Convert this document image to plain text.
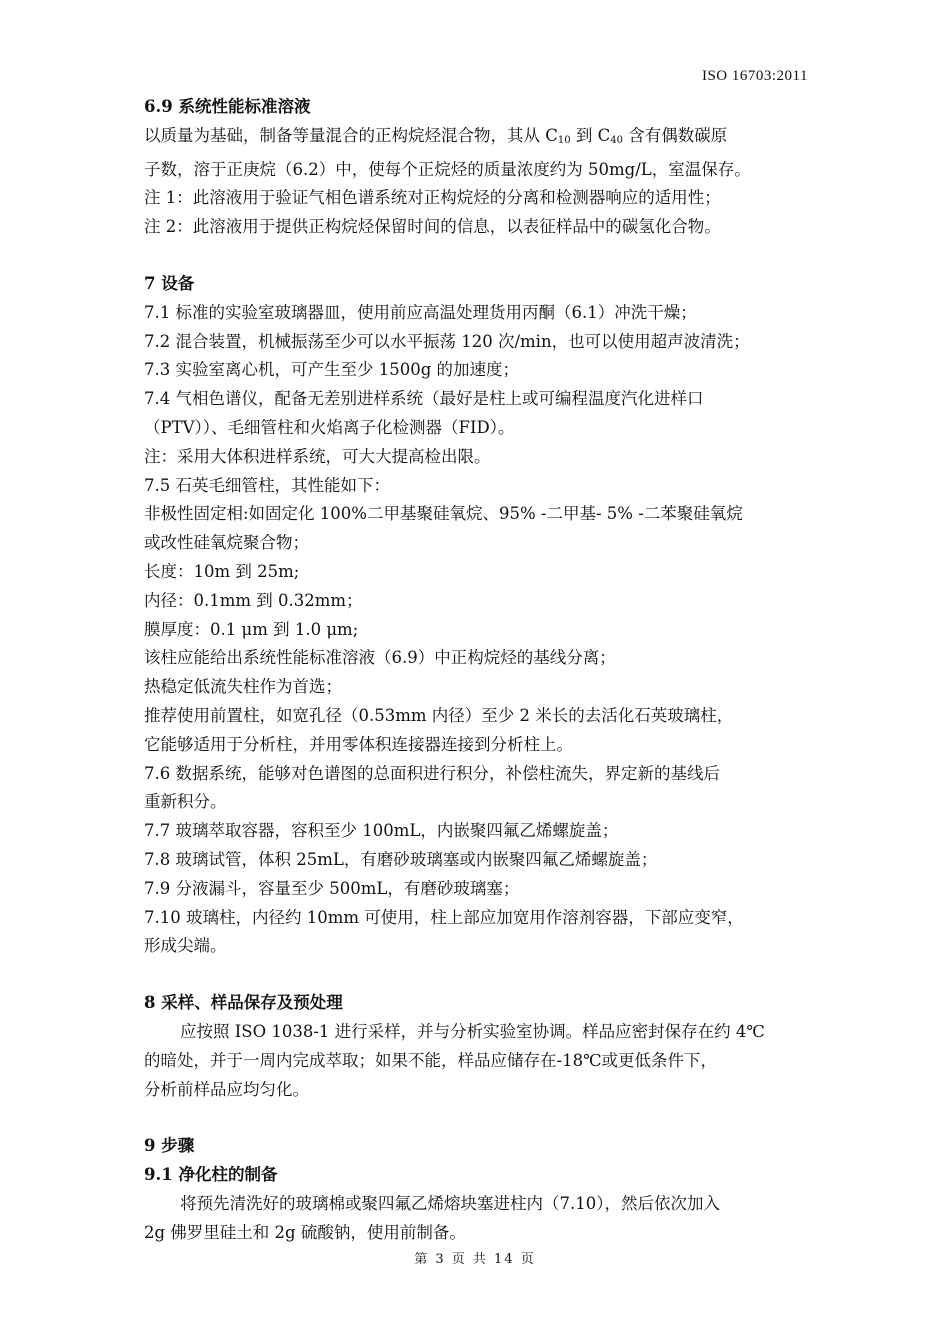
ISO 16703:2011
6.9 系统性能标准溶液
以质量为基础，制备等量混合的正构烷烃混合物，其从 $C_{10}$ 到 $C_{40}$ 含有偶数碳原
子数，溶于正庚烷（6.2）中，使每个正烷烃的质量浓度约为 50mg/L，室温保存。
注 1：此溶液用于验证气相色谱系统对正构烷烃的分离和检测器响应的适用性；
注 2：此溶液用于提供正构烷烃保留时间的信息，以表征样品中的碳氢化合物。
7 设备
7.1 标准的实验室玻璃器皿，使用前应高温处理货用丙酮（6.1）冲洗干燥；
7.2 混合装置，机械振荡至少可以水平振荡 120 次/min，也可以使用超声波清洗；
7.3 实验室离心机，可产生至少 1500g 的加速度；
7.4 气相色谱仪，配备无差别进样系统（最好是柱上或可编程温度汽化进样口
（PTV））、毛细管柱和火焰离子化检测器（FID）。
注：采用大体积进样系统，可大大提高检出限。
7.5 石英毛细管柱，其性能如下：
非极性固定相:如固定化 100%二甲基聚硅氧烷、95% -二甲基- 5% -二苯聚硅氧烷
或改性硅氧烷聚合物；
长度：10m 到 25m;
内径：0.1mm 到 0.32mm；
膜厚度：0.1 μm 到 1.0 μm;
该柱应能给出系统性能标准溶液（6.9）中正构烷烃的基线分离；
热稳定低流失柱作为首选；
推荐使用前置柱，如宽孔径（0.53mm 内径）至少 2 米长的去活化石英玻璃柱，
它能够适用于分析柱，并用零体积连接器连接到分析柱上。
7.6 数据系统，能够对色谱图的总面积进行积分，补偿柱流失，界定新的基线后
重新积分。
7.7 玻璃萃取容器，容积至少 100mL，内嵌聚四氟乙烯螺旋盖；
7.8 玻璃试管，体积 25mL，有磨砂玻璃塞或内嵌聚四氟乙烯螺旋盖；
7.9 分液漏斗，容量至少 500mL，有磨砂玻璃塞；
7.10 玻璃柱，内径约 10mm 可使用，柱上部应加宽用作溶剂容器，下部应变窄，
形成尖端。
8 采样、样品保存及预处理
应按照 ISO 1038-1 进行采样，并与分析实验室协调。样品应密封保存在约 4℃
的暗处，并于一周内完成萃取；如果不能，样品应储存在-18℃或更低条件下，
分析前样品应均匀化。
9 步骤
9.1 净化柱的制备
将预先清洗好的玻璃棉或聚四氟乙烯熔块塞进柱内（7.10），然后依次加入
2g 佛罗里硅土和 2g 硫酸钠，使用前制备。
第 3 页 共 14 页
